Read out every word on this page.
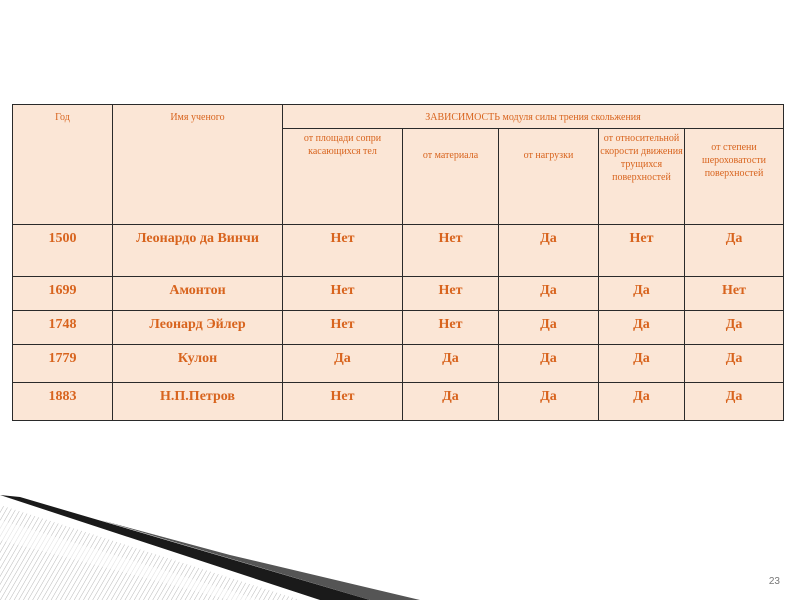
Год	Имя ученого	ЗАВИСИМОСТЬ модуля силы трения скольжения				
		от площади сопри касающихся тел	от материала	от нагрузки	от относительной скорости движения трущихся поверхностей	от степени шероховатости поверхностей
1500	Леонардо да Винчи	Нет	Нет	Да	Нет	Да
1699	Амонтон	Нет	Нет	Да	Да	Нет
1748	Леонард Эйлер	Нет	Нет	Да	Да	Да
1779	Кулон	Да	Да	Да	Да	Да
1883	Н.П.Петров	Нет	Да	Да	Да	Да
23
